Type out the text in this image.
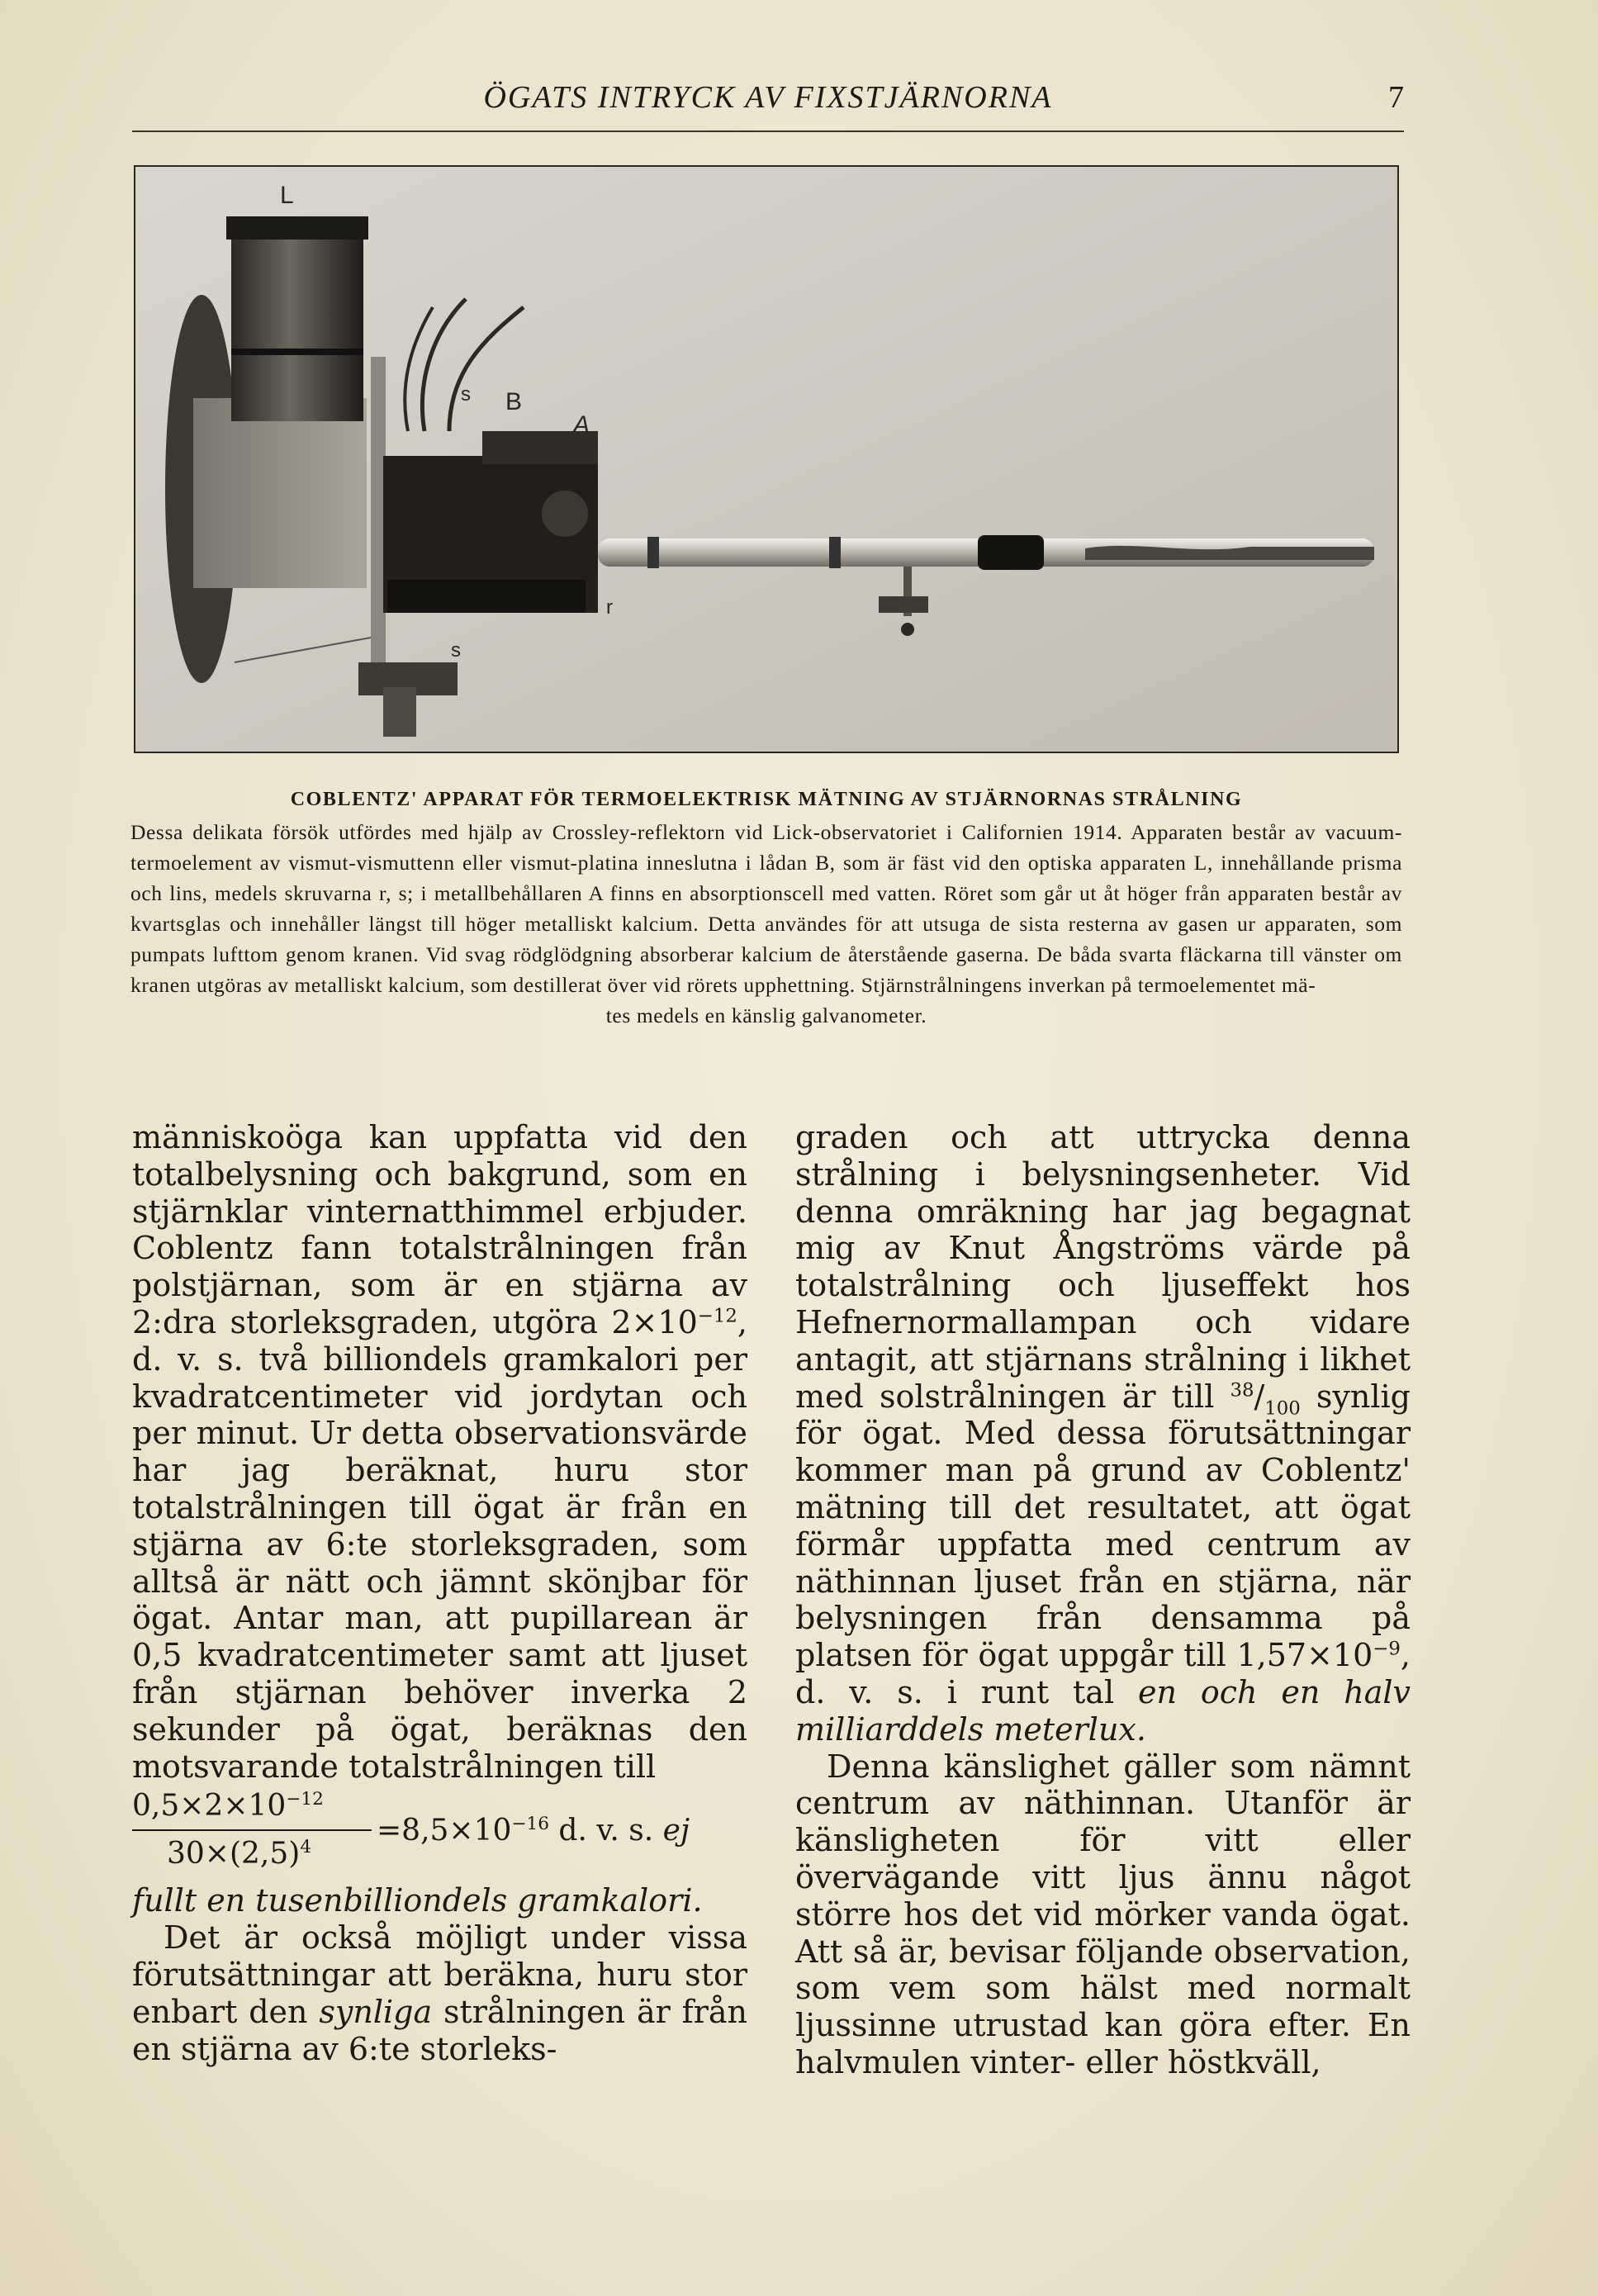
ÖGATS INTRYCK AV FIXSTJÄRNORNA	7
L
s B
A
r
s
COBLENTZ' APPARAT FÖR TERMOELEKTRISK MÄTNING AV STJÄRNORNAS STRÅLNING

Dessa delikata försök utfördes med hjälp av Crossley-reflektorn vid Lick-observatoriet i Californien 1914. Apparaten består av vacuum-termoelement av vismut-vismuttenn eller vismut-platina inneslutna i lådan B, som är fäst vid den optiska apparaten L, innehållande prisma och lins, medels skruvarna r, s; i metallbehållaren A finns en absorptionscell med vatten. Röret som går ut åt höger från apparaten består av kvartsglas och innehåller längst till höger metalliskt kalcium. Detta användes för att utsuga de sista resterna av gasen ur apparaten, som pumpats lufttom genom kranen. Vid svag rödglödgning absorberar kalcium de återstående gaserna. De båda svarta fläckarna till vänster om kranen utgöras av metalliskt kalcium, som destillerat över vid rörets upphettning. Stjärnstrålningens inverkan på termoelementet mä-

tes medels en känslig galvanometer.

människoöga kan uppfatta vid den totalbelysning och bakgrund, som en stjärnklar vinternatthimmel erbjuder. Coblentz fann totalstrålningen från polstjärnan, som är en stjärna av 2:dra storleksgraden, utgöra $2\times 10^{-12}$, d. v. s. två billiondels gramkalori per kvadratcentimeter vid jordytan och per minut. Ur detta observationsvärde har jag beräknat, huru stor totalstrålningen till ögat är från en stjärna av 6:te storleksgraden, som alltså är nätt och jämnt skönjbar för ögat. Antar man, att pupillarean är 0,5 kvadratcentimeter samt att ljuset från stjärnan behöver inverka 2 sekunder på ögat, beräknas den motsvarande totalstrålningen till

$0,5\times 2\times 10^{-12}$
$30\times(2,5)^4 =8,5\times 10^{-16}$ d. v. s. ej

fullt en tusenbilliondels gramkalori.

Det är också möjligt under vissa förutsättningar att beräkna, huru stor enbart den synliga strålningen är från en stjärna av 6:te storleks-

graden och att uttrycka denna strålning i belysningsenheter. Vid denna omräkning har jag begagnat mig av Knut Ångströms värde på totalstrålning och ljuseffekt hos Hefnernormallampan och vidare antagit, att stjärnans strålning i likhet med solstrålningen är till $^{38}/_{100}$ synlig för ögat. Med dessa förutsättningar kommer man på grund av Coblentz' mätning till det resultatet, att ögat förmår uppfatta med centrum av näthinnan ljuset från en stjärna, när belysningen från densamma på platsen för ögat uppgår till $1,57\times 10^{-9}$, d. v. s. i runt tal en och en halv milliarddels meterlux.

Denna känslighet gäller som nämnt centrum av näthinnan. Utanför är känsligheten för vitt eller övervägande vitt ljus ännu något större hos det vid mörker vanda ögat. Att så är, bevisar följande observation, som vem som hälst med normalt ljussinne utrustad kan göra efter. En halvmulen vinter- eller höstkväll,
